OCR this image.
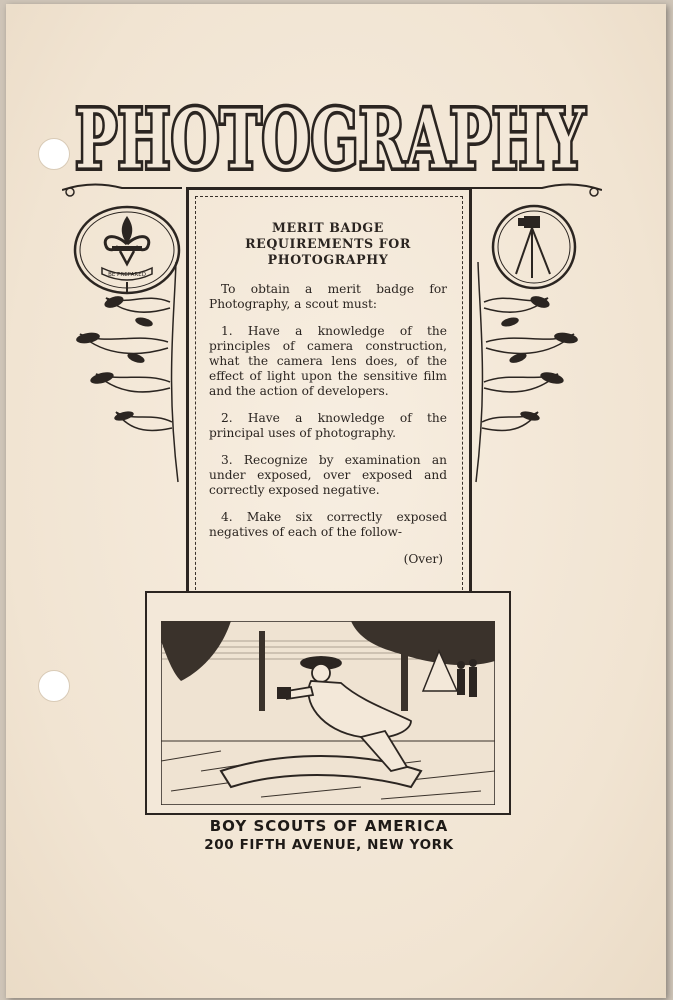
PHOTOGRAPHY
PHOTOGRAPHY
BE PREPARED
MERIT BADGE
REQUIREMENTS FOR
PHOTOGRAPHY

To obtain a merit badge for Photography, a scout must:

1. Have a knowledge of the principles of camera construction, what the camera lens does, of the effect of light upon the sensitive film and the action of developers.

2. Have a knowledge of the principal uses of photography.

3. Recognize by examination an under exposed, over exposed and correctly exposed negative.

4. Make six correctly exposed negatives of each of the follow-

(Over)
BOY SCOUTS OF AMERICA
200 FIFTH AVENUE, NEW YORK
